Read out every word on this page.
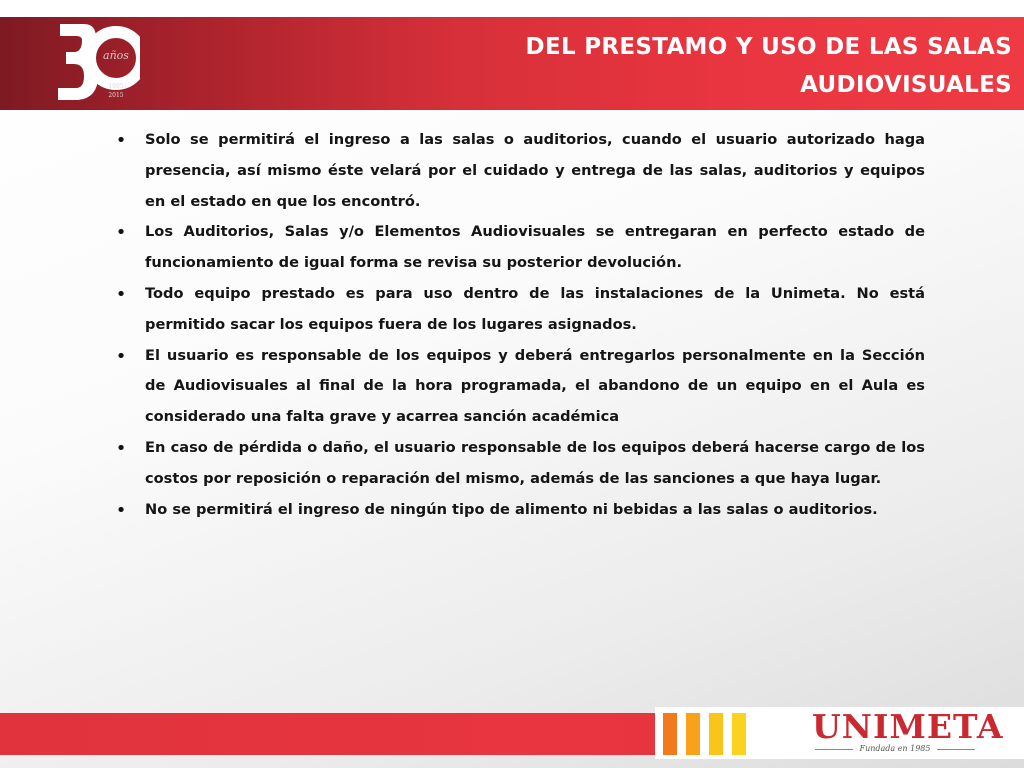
años
1985
2015
DEL PRESTAMO Y USO DE LAS SALAS
AUDIOVISUALES
• Solo se permitirá el ingreso a las salas o auditorios, cuando el usuario autorizado haga presencia, así mismo éste velará por el cuidado y entrega de las salas, auditorios y equipos en el estado en que los encontró.
• Los Auditorios, Salas y/o Elementos Audiovisuales se entregaran en perfecto estado de funcionamiento de igual forma se revisa su posterior devolución.
• Todo equipo prestado es para uso dentro de las instalaciones de la Unimeta. No está permitido sacar los equipos fuera de los lugares asignados.
• El usuario es responsable de los equipos y deberá entregarlos personalmente en la Sección de Audiovisuales al final de la hora programada, el abandono de un equipo en el Aula es considerado una falta grave y acarrea sanción académica
• En caso de pérdida o daño, el usuario responsable de los equipos deberá hacerse cargo de los costos por reposición o reparación del mismo, además de las sanciones a que haya lugar.
• No se permitirá el ingreso de ningún tipo de alimento ni bebidas a las salas o auditorios.
UNIMETA
Fundada en 1985
